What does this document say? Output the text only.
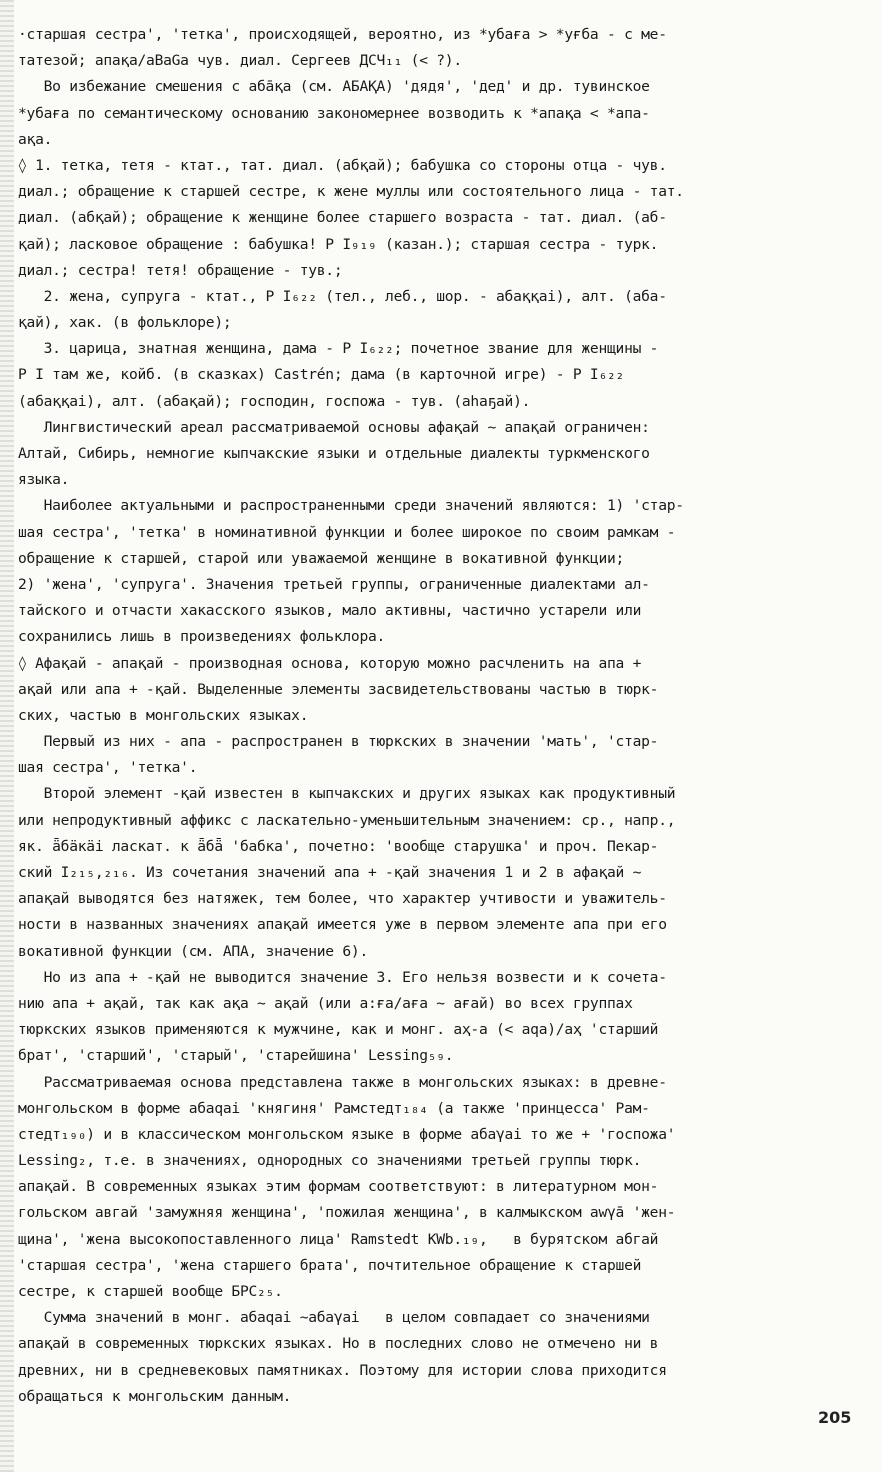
·старшая сестра', 'тетка', происходящей, вероятно, из *убаға > *уғба - с ме-
татезой; апақа/aBaGa чув. диал. Сергеев ДСЧ₁₁ (< ?).
Во избежание смешения с аба̄қа (см. АБАҚА) 'дядя', 'дед' и др. тувинское
*убаға по семантическому основанию закономернее возводить к *апақа < *апа-
ақа.
◊ 1. тетка, тетя - ктат., тат. диал. (абқай); бабушка со стороны отца - чув.
диал.; обращение к старшей сестре, к жене муллы или состоятельного лица - тат.
диал. (абқай); обращение к женщине более старшего возраста - тат. диал. (аб-
қай); ласковое обращение : бабушка! Р I₉₁₉ (казан.); старшая сестра - турк.
диал.; сестра! тетя! обращение - тув.;
2. жена, супруга - ктат., Р I₆₂₂ (тел., леб., шор. - абаққаі), алт. (аба-
қай), хак. (в фольклоре);
3. царица, знатная женщина, дама - Р I₆₂₂; почетное звание для женщины -
Р I там же, койб. (в сказках) Castrén; дама (в карточной игре) - Р I₆₂₂
(абаққаі), алт. (абақай); господин, госпожа - тув. (аһаҕай).
Лингвистический ареал рассматриваемой основы афақай ~ апақай ограничен:
Алтай, Сибирь, немногие кыпчакские языки и отдельные диалекты туркменского
языка.
Наиболее актуальными и распространенными среди значений являются: 1) 'стар-
шая сестра', 'тетка' в номинативной функции и более широкое по своим рамкам -
обращение к старшей, старой или уважаемой женщине в вокативной функции;
2) 'жена', 'супруга'. Значения третьей группы, ограниченные диалектами ал-
тайского и отчасти хакасского языков, мало активны, частично устарели или
сохранились лишь в произведениях фольклора.
◊ Афақай - апақай - производная основа, которую можно расчленить на апа +
ақай или апа + -қай. Выделенные элементы засвидетельствованы частью в тюрк-
ских, частью в монгольских языках.
Первый из них - апа - распространен в тюркских в значении 'мать', 'стар-
шая сестра', 'тетка'.
Второй элемент -қай известен в кыпчакских и других языках как продуктивный
или непродуктивный аффикс с ласкательно-уменьшительным значением: ср., напр.,
як. ǟбäкäі ласкат. к ǟбǟ 'бабка', почетно: 'вообще старушка' и проч. Пекар-
ский I₂₁₅,₂₁₆. Из сочетания значений апа + -қай значения 1 и 2 в афақай ~
апақай выводятся без натяжек, тем более, что характер учтивости и уважитель-
ности в названных значениях апақай имеется уже в первом элементе апа при его
вокативной функции (см. АПА, значение 6).
Но из апа + -қай не выводится значение 3. Его нельзя возвести и к сочета-
нию апа + ақай, так как ақа ~ ақай (или а:ға/аға ~ ағай) во всех группах
тюркских языков применяются к мужчине, как и монг. аҳ-а (< аqа)/аҳ 'старший
брат', 'старший', 'старый', 'старейшина' Lessing₅₉.
Рассматриваемая основа представлена также в монгольских языках: в древне-
монгольском в форме абаqаі 'княгиня' Рамстедт₁₈₄ (а также 'принцесса' Рам-
стедт₁₉₀) и в классическом монгольском языке в форме абаγаі то же + 'госпожа'
Lessing₂, т.е. в значениях, однородных со значениями третьей группы тюрк.
апақай. В современных языках этим формам соответствуют: в литературном мон-
гольском авгай 'замужняя женщина', 'пожилая женщина', в калмыкском аwγа̄ 'жен-
щина', 'жена высокопоставленного лица' Ramstedt KWb.₁₉,   в бурятском абгай
'старшая сестра', 'жена старшего брата', почтительное обращение к старшей
сестре, к старшей вообще БРС₂₅.
Сумма значений в монг. абаqаі ~абаγаі   в целом совпадает со значениями
апақай в современных тюркских языках. Но в последних слово не отмечено ни в
древних, ни в средневековых памятниках. Поэтому для истории слова приходится
обращаться к монгольским данным.
205
